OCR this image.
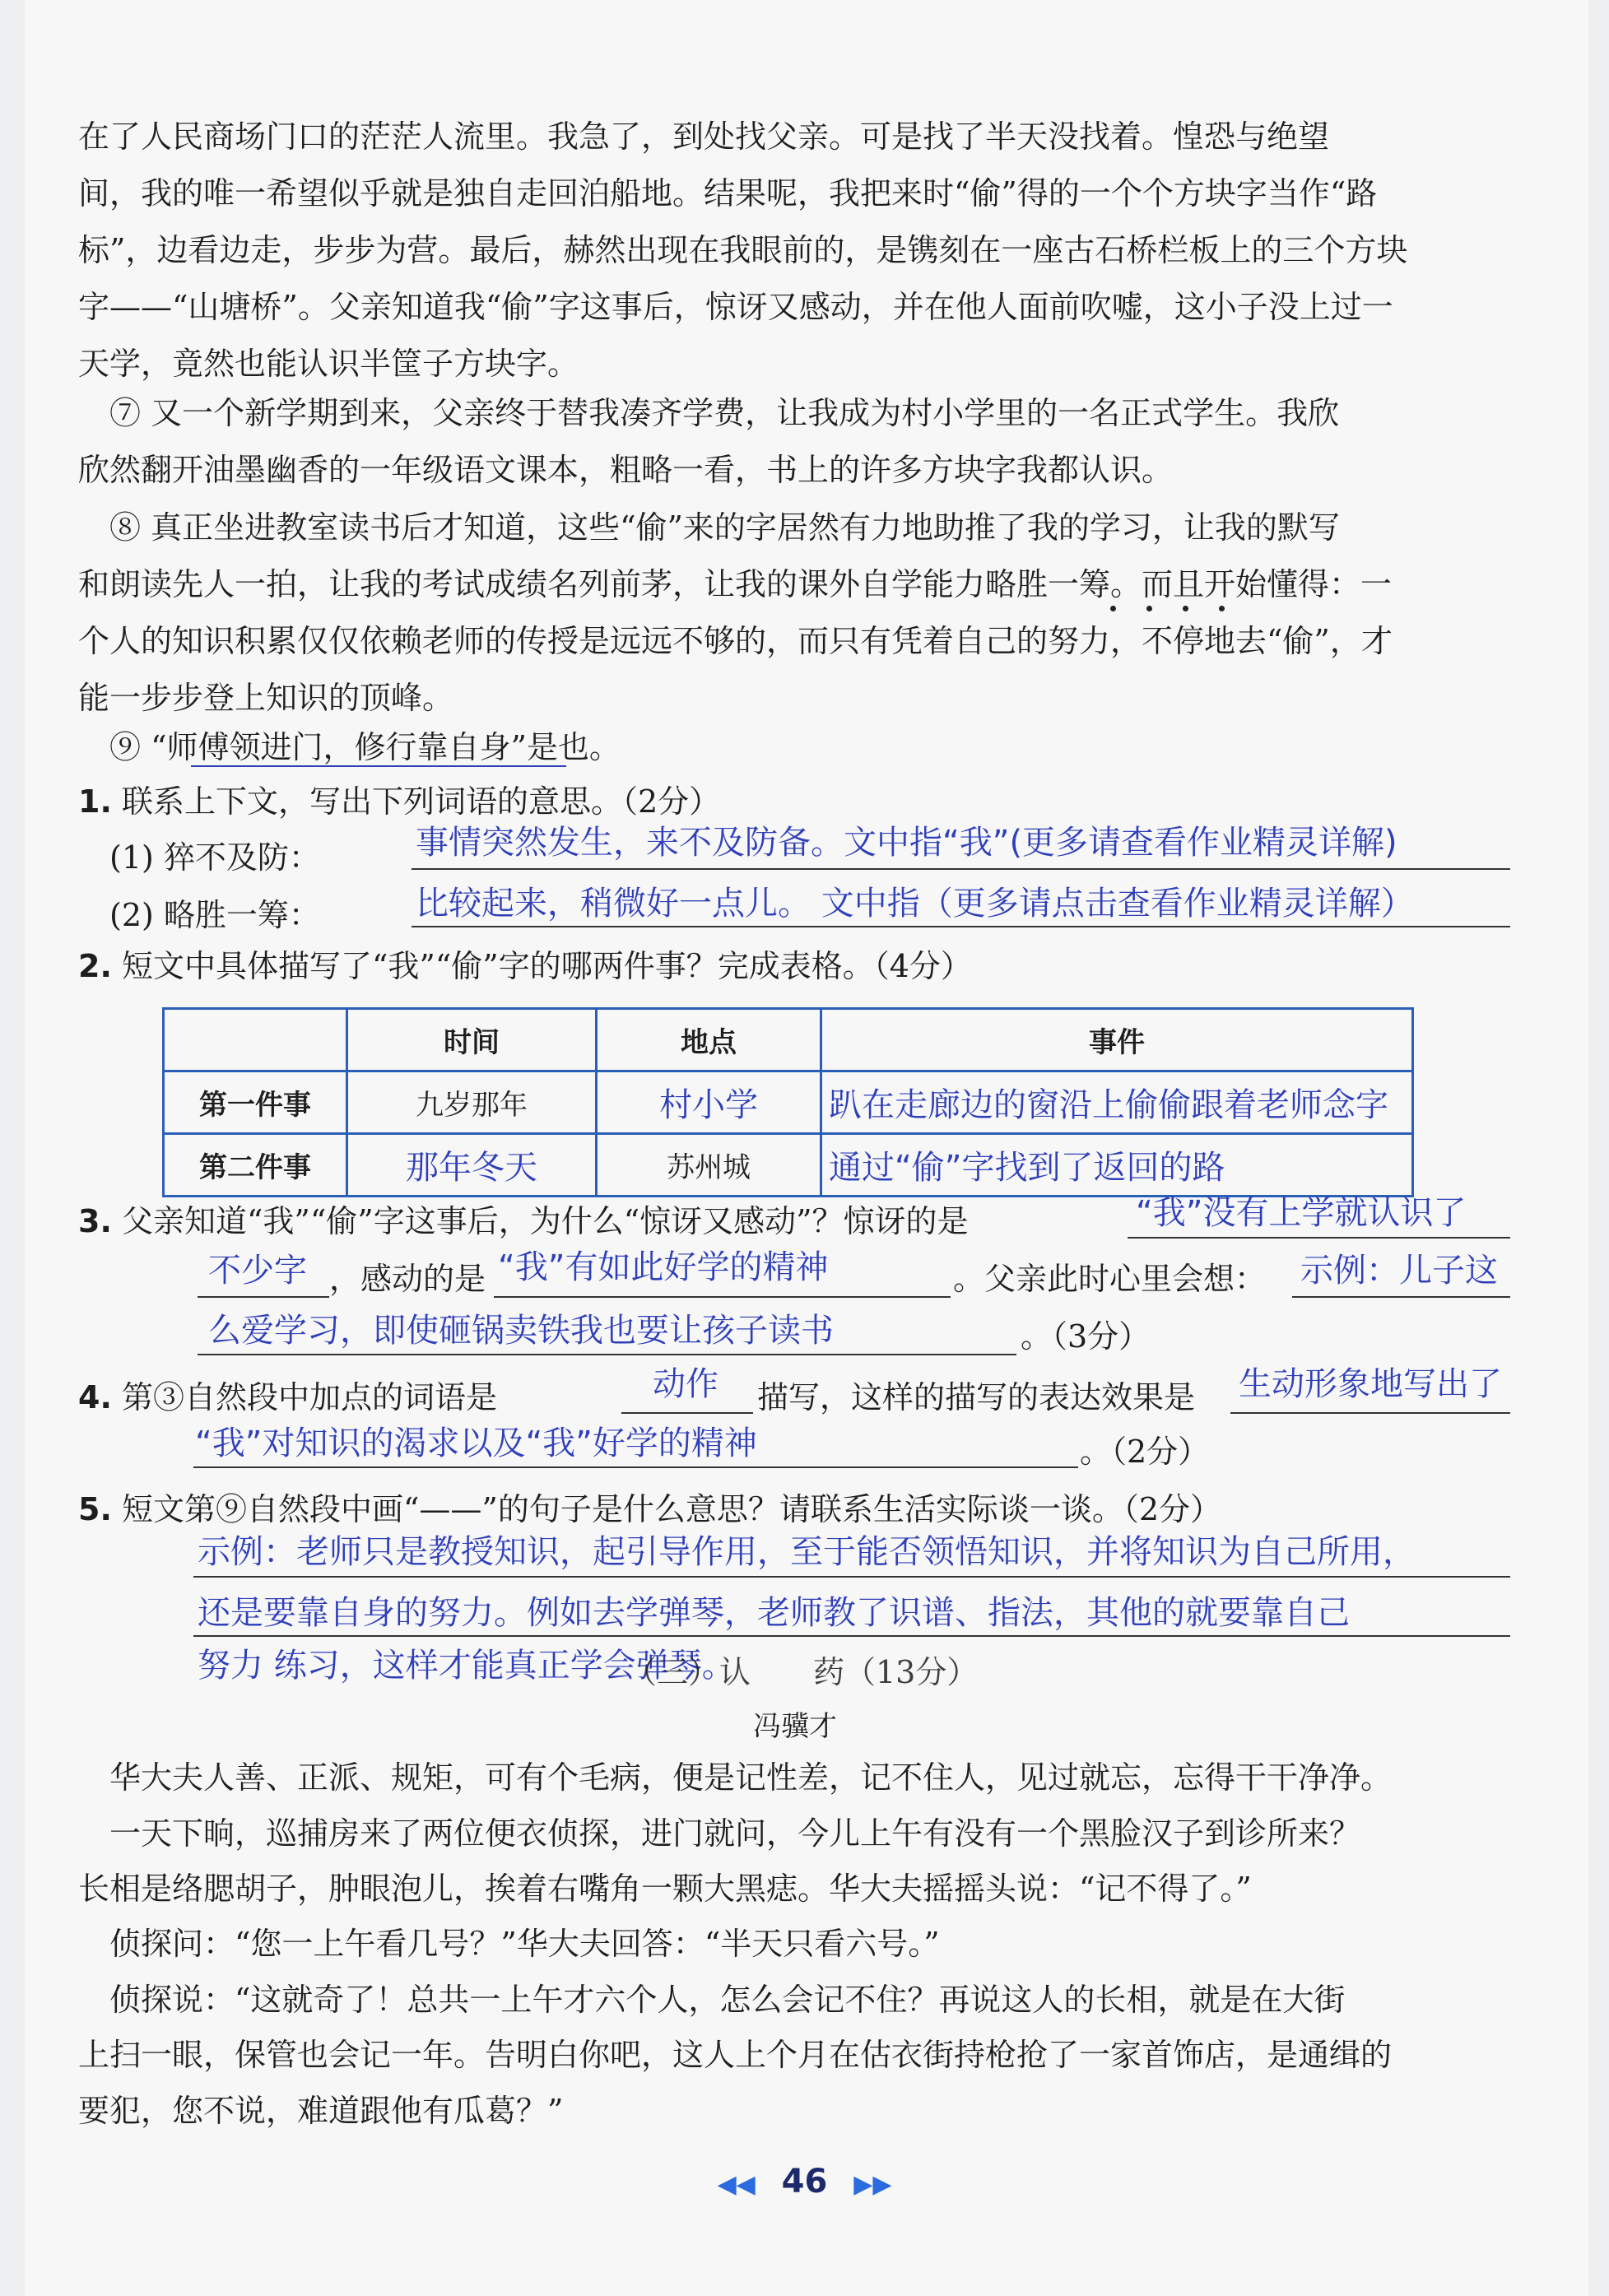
在了人民商场门口的茫茫人流里。我急了，到处找父亲。可是找了半天没找着。惶恐与绝望
间，我的唯一希望似乎就是独自走回泊船地。结果呢，我把来时“偷”得的一个个方块字当作“路
标”，边看边走，步步为营。最后，赫然出现在我眼前的，是镌刻在一座古石桥栏板上的三个方块
字——“山塘桥”。父亲知道我“偷”字这事后，惊讶又感动，并在他人面前吹嘘，这小子没上过一
天学，竟然也能认识半筐子方块字。
⑦ 又一个新学期到来，父亲终于替我凑齐学费，让我成为村小学里的一名正式学生。我欣
欣然翻开油墨幽香的一年级语文课本，粗略一看，书上的许多方块字我都认识。
⑧ 真正坐进教室读书后才知道，这些“偷”来的字居然有力地助推了我的学习，让我的默写
和朗读先人一拍，让我的考试成绩名列前茅，让我的课外自学能力略胜一筹。而且开始懂得：一
个人的知识积累仅仅依赖老师的传授是远远不够的，而只有凭着自己的努力，不停地去“偷”，才
能一步步登上知识的顶峰。
⑨ “师傅领进门，修行靠自身”是也。
1. 联系上下文，写出下列词语的意思。（2分）
(1) 猝不及防：	事情突然发生，来不及防备。文中指“我”(更多请查看作业精灵详解)
(2) 略胜一筹：	比较起来，稍微好一点儿。 文中指（更多请点击查看作业精灵详解）
2. 短文中具体描写了“我”“偷”字的哪两件事？完成表格。（4分）
	时间	地点	事件
第一件事	九岁那年	村小学	趴在走廊边的窗沿上偷偷跟着老师念字
第二件事	那年冬天	苏州城	通过“偷”字找到了返回的路
3. 父亲知道“我”“偷”字这事后，为什么“惊讶又感动”？惊讶的是	“我”没有上学就认识了
不少字 ，感动的是 “我”有如此好学的精神	。父亲此时心里会想： 示例：儿子这
么爱学习，即使砸锅卖铁我也要让孩子读书	。（3分）
4. 第③自然段中加点的词语是	动作 描写，这样的描写的表达效果是 生动形象地写出了
“我”对知识的渴求以及“我”好学的精神	。（2分）
5. 短文第⑨自然段中画“——”的句子是什么意思？请联系生活实际谈一谈。（2分）
示例：老师只是教授知识，起引导作用，至于能否领悟知识，并将知识为自己所用，
还是要靠自身的努力。例如去学弹琴，老师教了识谱、指法，其他的就要靠自己
努力 练习，这样才能真正学会弹琴。
（三）认　　药（13分）
冯骥才
华大夫人善、正派、规矩，可有个毛病，便是记性差，记不住人，见过就忘，忘得干干净净。
一天下晌，巡捕房来了两位便衣侦探，进门就问，今儿上午有没有一个黑脸汉子到诊所来？
长相是络腮胡子，肿眼泡儿，挨着右嘴角一颗大黑痣。华大夫摇摇头说：“记不得了。”
侦探问：“您一上午看几号？”华大夫回答：“半天只看六号。”
侦探说：“这就奇了！总共一上午才六个人，怎么会记不住？再说这人的长相，就是在大街
上扫一眼，保管也会记一年。告明白你吧，这人上个月在估衣街持枪抢了一家首饰店，是通缉的
要犯，您不说，难道跟他有瓜葛？”
◀◀ 46 ▶▶
